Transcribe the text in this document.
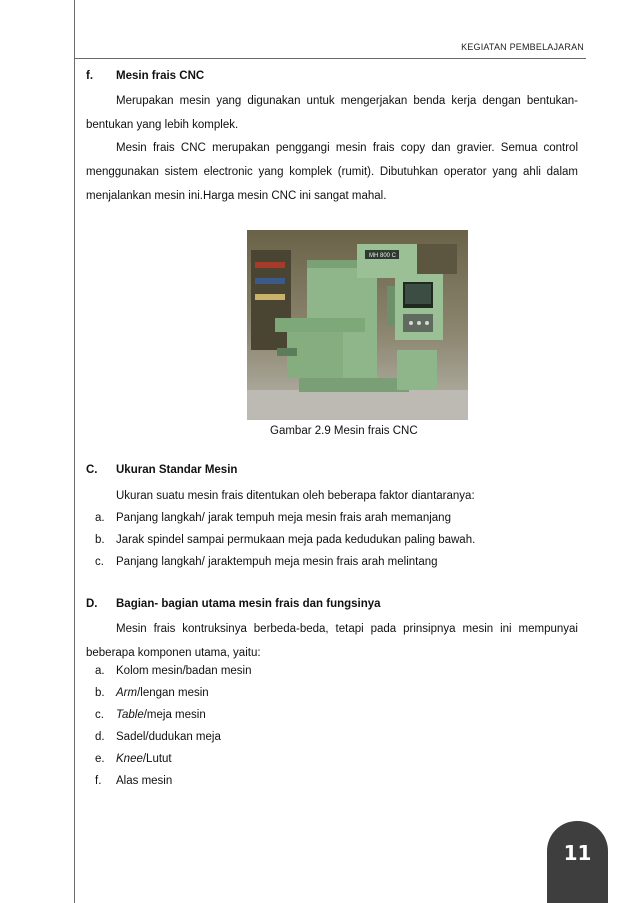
KEGIATAN PEMBELAJARAN
f. Mesin frais CNC

Merupakan mesin yang digunakan untuk mengerjakan benda kerja dengan bentukan-bentukan yang lebih komplek.

Mesin frais CNC merupakan penggangi mesin frais copy dan gravier. Semua control menggunakan sistem electronic yang komplek (rumit). Dibutuhkan operator yang ahli dalam menjalankan mesin ini.Harga mesin CNC ini sangat mahal.

MH 800 C
Gambar 2.9 Mesin frais CNC
C. Ukuran Standar Mesin

Ukuran suatu mesin frais ditentukan oleh beberapa faktor diantaranya:

a. Panjang langkah/ jarak tempuh meja mesin frais arah memanjang
b. Jarak spindel sampai permukaan meja pada kedudukan paling bawah.
c.	Panjang langkah/ jaraktempuh meja mesin frais arah melintang
D. Bagian- bagian utama mesin frais dan fungsinya

Mesin frais kontruksinya berbeda-beda, tetapi pada prinsipnya mesin ini mempunyai beberapa komponen utama, yaitu:

a. Kolom mesin/badan mesin
b. Arm/lengan mesin
c.	Table/meja mesin
d. Sadel/dudukan meja
e. Knee/Lutut
f.	Alas mesin
11
